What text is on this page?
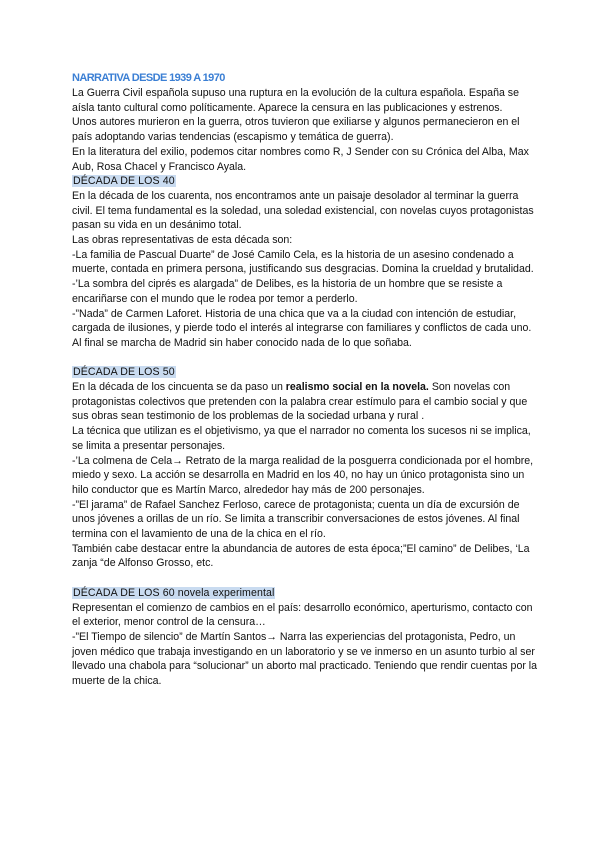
NARRATIVA DESDE 1939 A 1970

La Guerra Civil española supuso una ruptura en la evolución de la cultura española. España se aísla tanto cultural como políticamente. Aparece la censura en las publicaciones y estrenos.

Unos autores murieron en la guerra, otros tuvieron que exiliarse y algunos permanecieron en el país adoptando varias tendencias (escapismo y temática de guerra).

En la literatura del exilio, podemos citar nombres como R, J Sender con su Crónica del Alba, Max Aub, Rosa Chacel y Francisco Ayala.

DÉCADA DE LOS 40

En la década de los cuarenta, nos encontramos ante un paisaje desolador al terminar la guerra civil. El tema fundamental es la soledad, una soledad existencial, con novelas cuyos protagonistas pasan su vida en un desánimo total.

Las obras representativas de esta década son:

-La familia de Pascual Duarte” de José Camilo Cela, es la historia de un asesino condenado a muerte, contada en primera persona, justificando sus desgracias. Domina la crueldad y brutalidad.

-’La sombra del ciprés es alargada” de Delibes, es la historia de un hombre que se resiste a encariñarse con el mundo que le rodea por temor a perderlo.

-”Nada” de Carmen Laforet. Historia de una chica que va a la ciudad con intención de estudiar, cargada de ilusiones, y pierde todo el interés al integrarse con familiares y conflictos de cada uno. Al final se marcha de Madrid sin haber conocido nada de lo que soñaba.

DÉCADA DE LOS 50

En la década de los cincuenta se da paso un realismo social en la novela. Son novelas con protagonistas colectivos que pretenden con la palabra crear estímulo para el cambio social y que sus obras sean testimonio de los problemas de la sociedad urbana y rural .

La técnica que utilizan es el objetivismo, ya que el narrador no comenta los sucesos ni se implica, se limita a presentar personajes.

-’La colmena de Cela→ Retrato de la marga realidad de la posguerra condicionada por el hombre, miedo y sexo. La acción se desarrolla en Madrid en los 40, no hay un único protagonista sino un hilo conductor que es Martín Marco, alrededor hay más de 200 personajes.

-”El jarama” de Rafael Sanchez Ferloso, carece de protagonista; cuenta un día de excursión de unos jóvenes a orillas de un río. Se limita a transcribir conversaciones de estos jóvenes. Al final termina con el lavamiento de una de la chica en el río.

También cabe destacar entre la abundancia de autores de esta época;”El camino” de Delibes, ‘La zanja “de Alfonso Grosso, etc.

DÉCADA DE LOS 60 novela experimental

Representan el comienzo de cambios en el país: desarrollo económico, aperturismo, contacto con el exterior, menor control de la censura…

-”El Tiempo de silencio” de Martín Santos→ Narra las experiencias del protagonista, Pedro, un joven médico que trabaja investigando en un laboratorio y se ve inmerso en un asunto turbio al ser llevado una chabola para “solucionar” un aborto mal practicado. Teniendo que rendir cuentas por la muerte de la chica.
